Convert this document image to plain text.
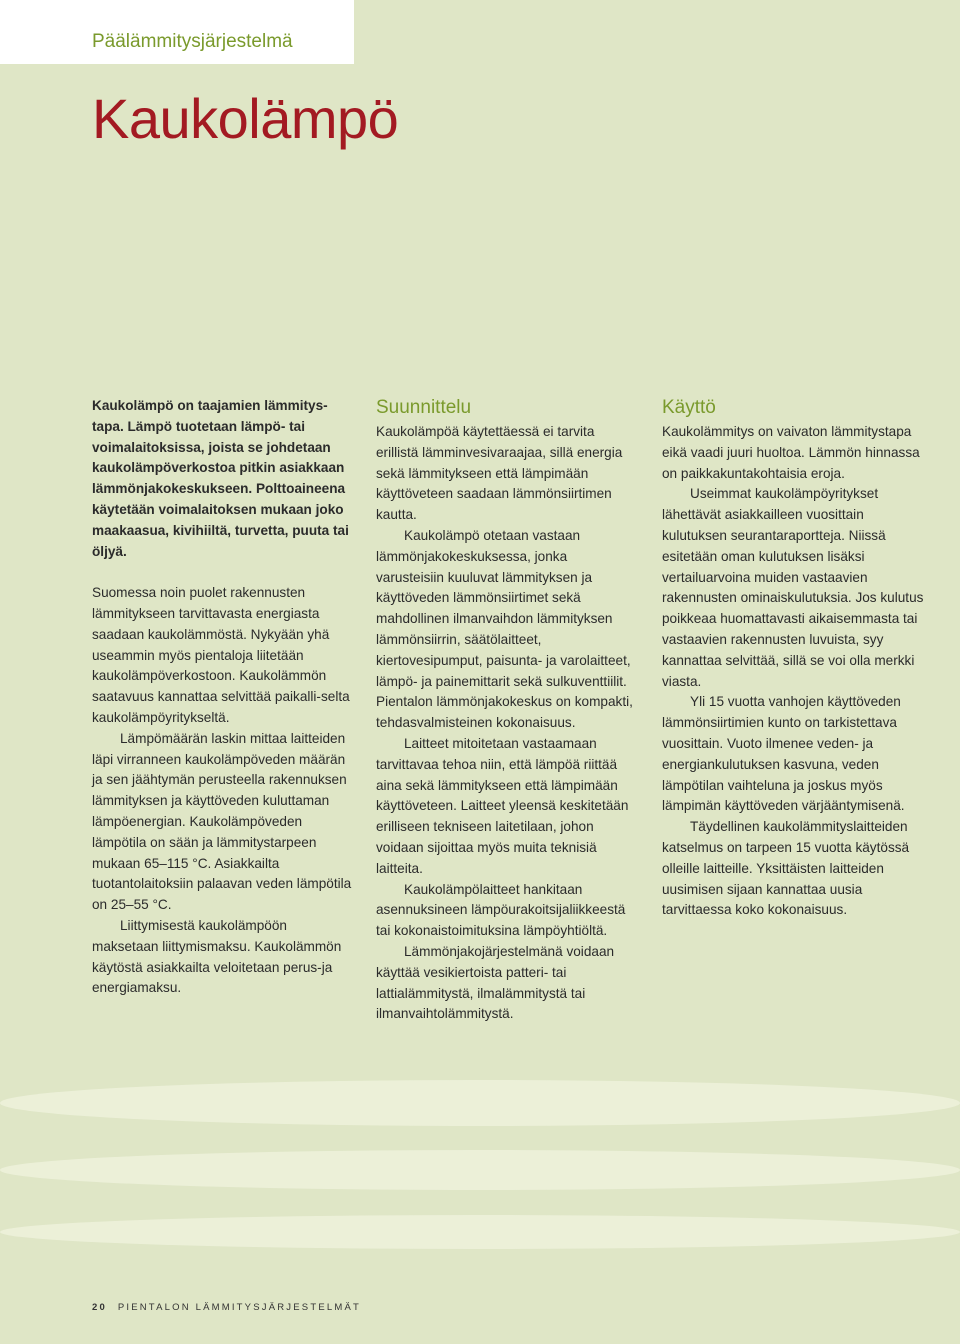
Päälämmitysjärjestelmä
Kaukolämpö

Kaukolämpö on taajamien lämmitys-tapa. Lämpö tuotetaan lämpö- tai voimalaitoksissa, joista se johdetaan kaukolämpöverkostoa pitkin asiakkaan lämmönjakokeskukseen. Polttoaineena käytetään voimalaitoksen mukaan joko maakaasua, kivihiiltä, turvetta, puuta tai öljyä.

Suomessa noin puolet rakennusten lämmitykseen tarvittavasta energiasta saadaan kaukolämmöstä. Nykyään yhä useammin myös pientaloja liitetään kaukolämpöverkostoon. Kaukolämmön saatavuus kannattaa selvittää paikalli-selta kaukolämpöyritykseltä.

Lämpömäärän laskin mittaa laitteiden läpi virranneen kaukolämpöveden määrän ja sen jäähtymän perusteella rakennuksen lämmityksen ja käyttöveden kuluttaman lämpöenergian. Kaukolämpöveden lämpötila on sään ja lämmitystarpeen mukaan 65–115 °C. Asiakkailta tuotantolaitoksiin palaavan veden lämpötila on 25–55 °C.

Liittymisestä kaukolämpöön maksetaan liittymismaksu. Kaukolämmön käytöstä asiakkailta veloitetaan perus-ja energiamaksu.

Suunnittelu

Kaukolämpöä käytettäessä ei tarvita erillistä lämminvesivaraajaa, sillä energia sekä lämmitykseen että lämpimään käyttöveteen saadaan lämmönsiirtimen kautta.

Kaukolämpö otetaan vastaan lämmönjakokeskuksessa, jonka varusteisiin kuuluvat lämmityksen ja käyttöveden lämmönsiirtimet sekä mahdollinen ilmanvaihdon lämmityksen lämmönsiirrin, säätölaitteet, kiertovesipumput, paisunta- ja varolaitteet, lämpö- ja painemittarit sekä sulkuventtiilit. Pientalon lämmönjakokeskus on kompakti, tehdasvalmisteinen kokonaisuus.

Laitteet mitoitetaan vastaamaan tarvittavaa tehoa niin, että lämpöä riittää aina sekä lämmitykseen että lämpimään käyttöveteen. Laitteet yleensä keskitetään erilliseen tekniseen laitetilaan, johon voidaan sijoittaa myös muita teknisiä laitteita.

Kaukolämpölaitteet hankitaan asennuksineen lämpöurakoitsijaliikkeestä tai kokonaistoimituksina lämpöyhtiöltä.

Lämmönjakojärjestelmänä voidaan käyttää vesikiertoista patteri- tai lattialämmitystä, ilmalämmitystä tai ilmanvaihtolämmitystä.

Käyttö

Kaukolämmitys on vaivaton lämmitystapa eikä vaadi juuri huoltoa. Lämmön hinnassa on paikkakuntakohtaisia eroja.

Useimmat kaukolämpöyritykset lähettävät asiakkailleen vuosittain kulutuksen seurantaraportteja. Niissä esitetään oman kulutuksen lisäksi vertailuarvoina muiden vastaavien rakennusten ominaiskulutuksia. Jos kulutus poikkeaa huomattavasti aikaisemmasta tai vastaavien rakennusten luvuista, syy kannattaa selvittää, sillä se voi olla merkki viasta.

Yli 15 vuotta vanhojen käyttöveden lämmönsiirtimien kunto on tarkistettava vuosittain. Vuoto ilmenee veden- ja energiankulutuksen kasvuna, veden lämpötilan vaihteluna ja joskus myös lämpimän käyttöveden värjääntymisenä.

Täydellinen kaukolämmityslaitteiden katselmus on tarpeen 15 vuotta käytössä olleille laitteille. Yksittäisten laitteiden uusimisen sijaan kannattaa uusia tarvittaessa koko kokonaisuus.

20 PIENTALON LÄMMITYSJÄRJESTELMÄT
